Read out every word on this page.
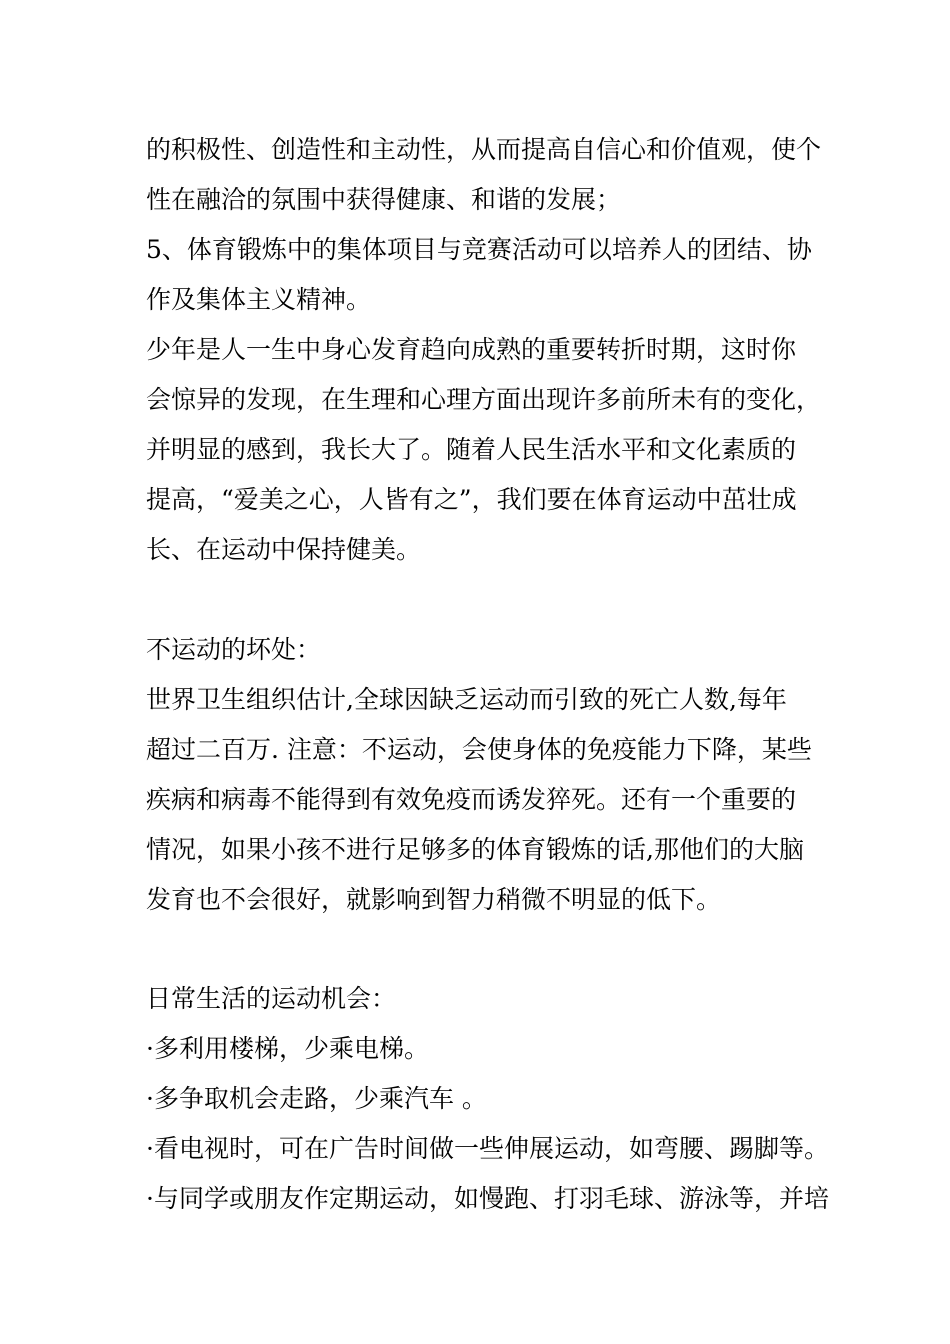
的积极性、创造性和主动性，从而提高自信心和价值观，使个
性在融洽的氛围中获得健康、和谐的发展；
5、体育锻炼中的集体项目与竞赛活动可以培养人的团结、协
作及集体主义精神。
少年是人一生中身心发育趋向成熟的重要转折时期，这时你
会惊异的发现，在生理和心理方面出现许多前所未有的变化，
并明显的感到，我长大了。随着人民生活水平和文化素质的
提高，“爱美之心，人皆有之”，我们要在体育运动中茁壮成
长、在运动中保持健美。
不运动的坏处：
世界卫生组织估计,全球因缺乏运动而引致的死亡人数,每年
超过二百万. 注意：不运动，会使身体的免疫能力下降，某些
疾病和病毒不能得到有效免疫而诱发猝死。还有一个重要的
情况，如果小孩不进行足够多的体育锻炼的话,那他们的大脑
发育也不会很好，就影响到智力稍微不明显的低下。
日常生活的运动机会：
·多利用楼梯，少乘电梯。
·多争取机会走路，少乘汽车 。
·看电视时，可在广告时间做一些伸展运动，如弯腰、踢脚等。
·与同学或朋友作定期运动，如慢跑、打羽毛球、游泳等，并培
